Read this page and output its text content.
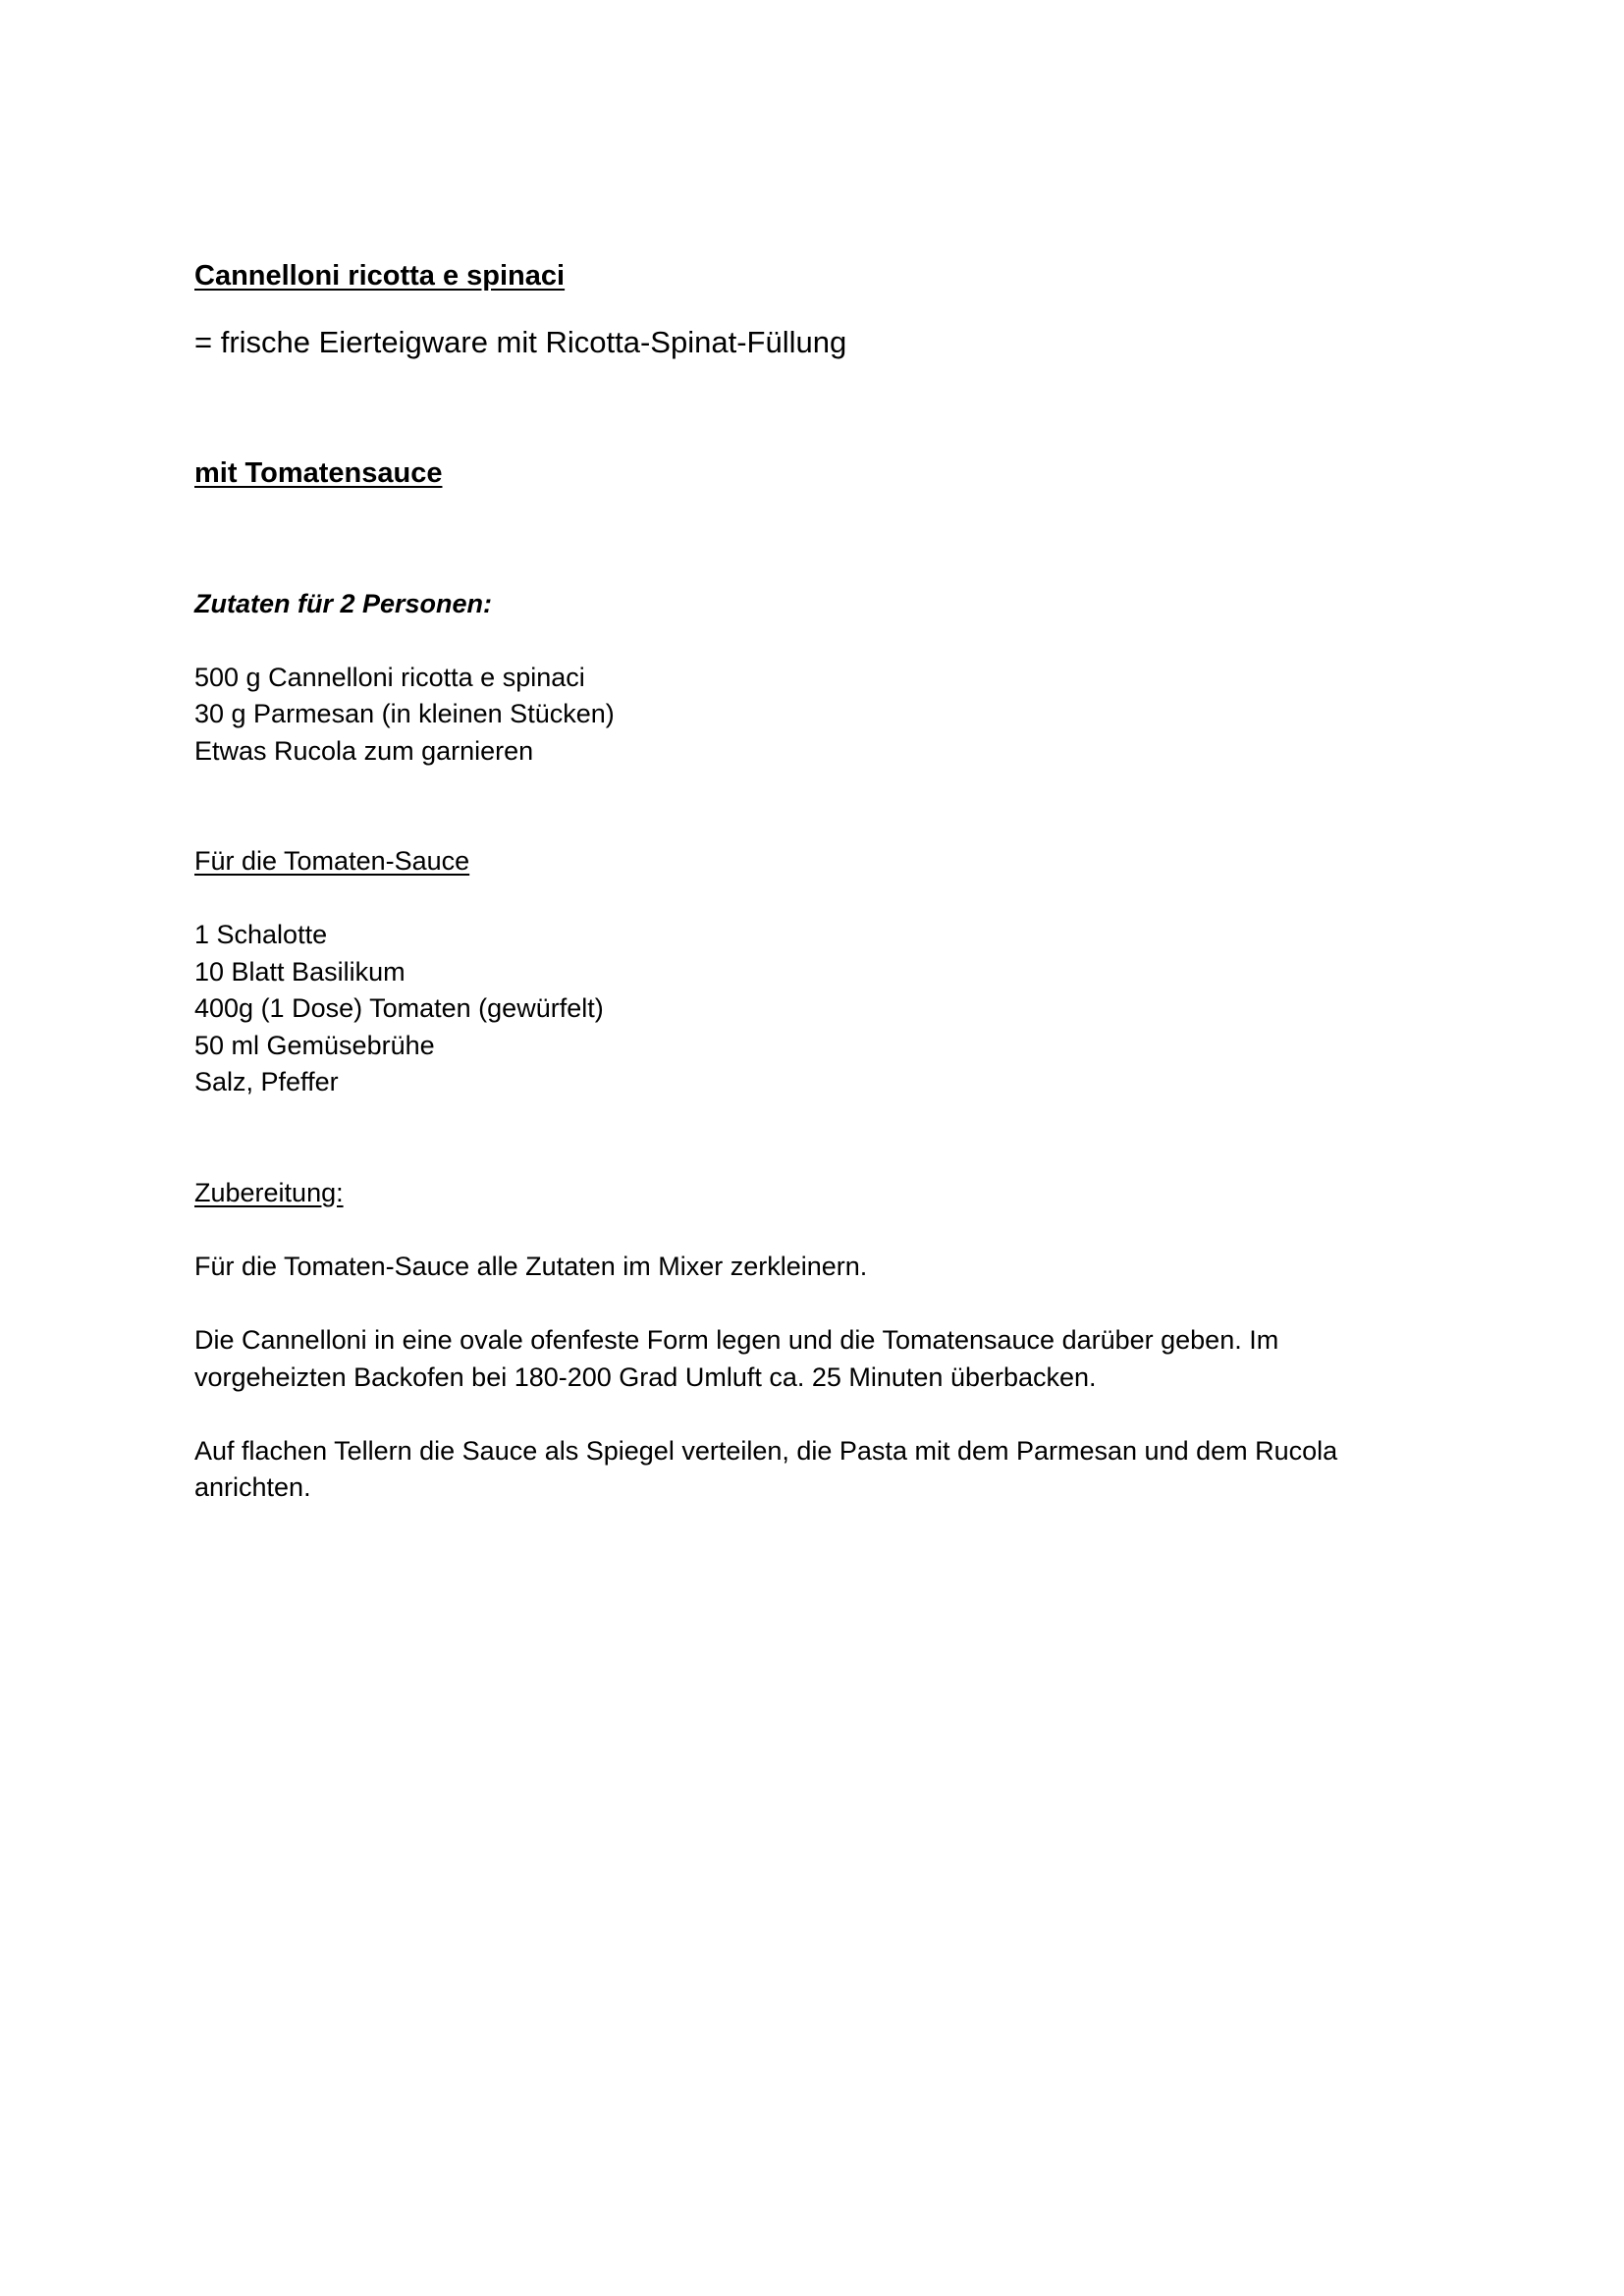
Cannelloni ricotta e spinaci
= frische Eierteigware mit Ricotta-Spinat-Füllung
mit Tomatensauce
Zutaten für 2 Personen:
500 g Cannelloni ricotta e spinaci
30 g Parmesan (in kleinen Stücken)
Etwas Rucola zum garnieren
Für die Tomaten-Sauce
1 Schalotte
10 Blatt Basilikum
400g (1 Dose) Tomaten (gewürfelt)
50 ml Gemüsebrühe
Salz, Pfeffer
Zubereitung:
Für die Tomaten-Sauce alle Zutaten im Mixer zerkleinern.
Die Cannelloni in eine ovale ofenfeste Form legen und die Tomatensauce darüber geben. Im
vorgeheizten Backofen bei 180-200 Grad Umluft ca. 25 Minuten überbacken.
Auf flachen Tellern die Sauce als Spiegel verteilen, die Pasta mit dem Parmesan und dem Rucola
anrichten.
